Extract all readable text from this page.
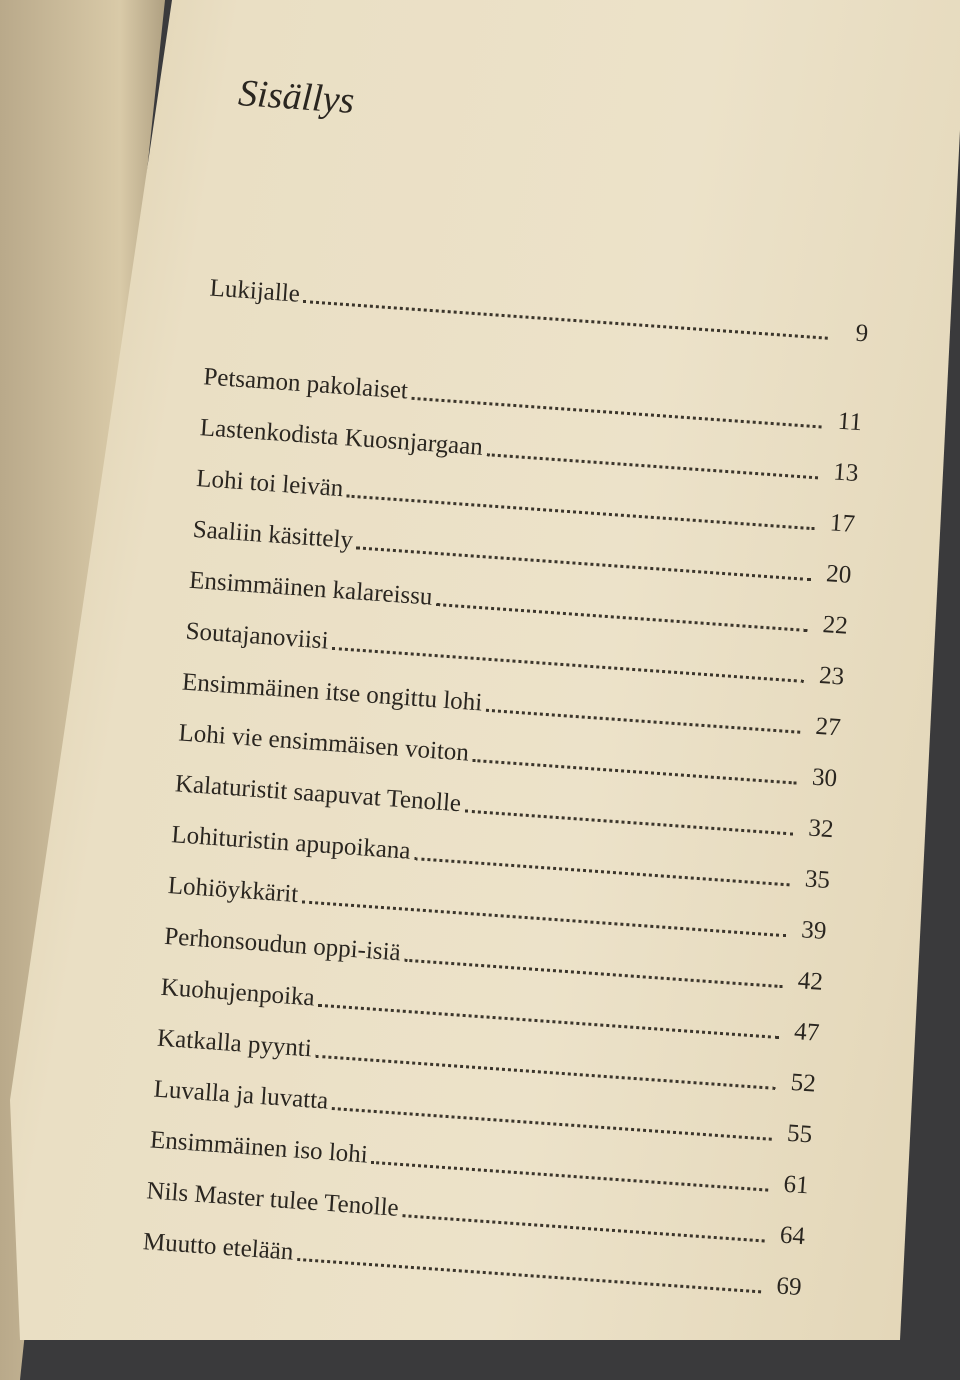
Sisällys
Lukijalle
9
Petsamon pakolaiset
11
Lastenkodista Kuosnjargaan
13
Lohi toi leivän
17
Saaliin käsittely
20
Ensimmäinen kalareissu
22
Soutajanoviisi
23
Ensimmäinen itse ongittu lohi
27
Lohi vie ensimmäisen voiton
30
Kalaturistit saapuvat Tenolle
32
Lohituristin apupoikana
35
Lohiöykkärit
39
Perhonsoudun oppi-isiä
42
Kuohujenpoika
47
Katkalla pyynti
52
Luvalla ja luvatta
55
Ensimmäinen iso lohi
61
Nils Master tulee Tenolle
64
Muutto etelään
69
